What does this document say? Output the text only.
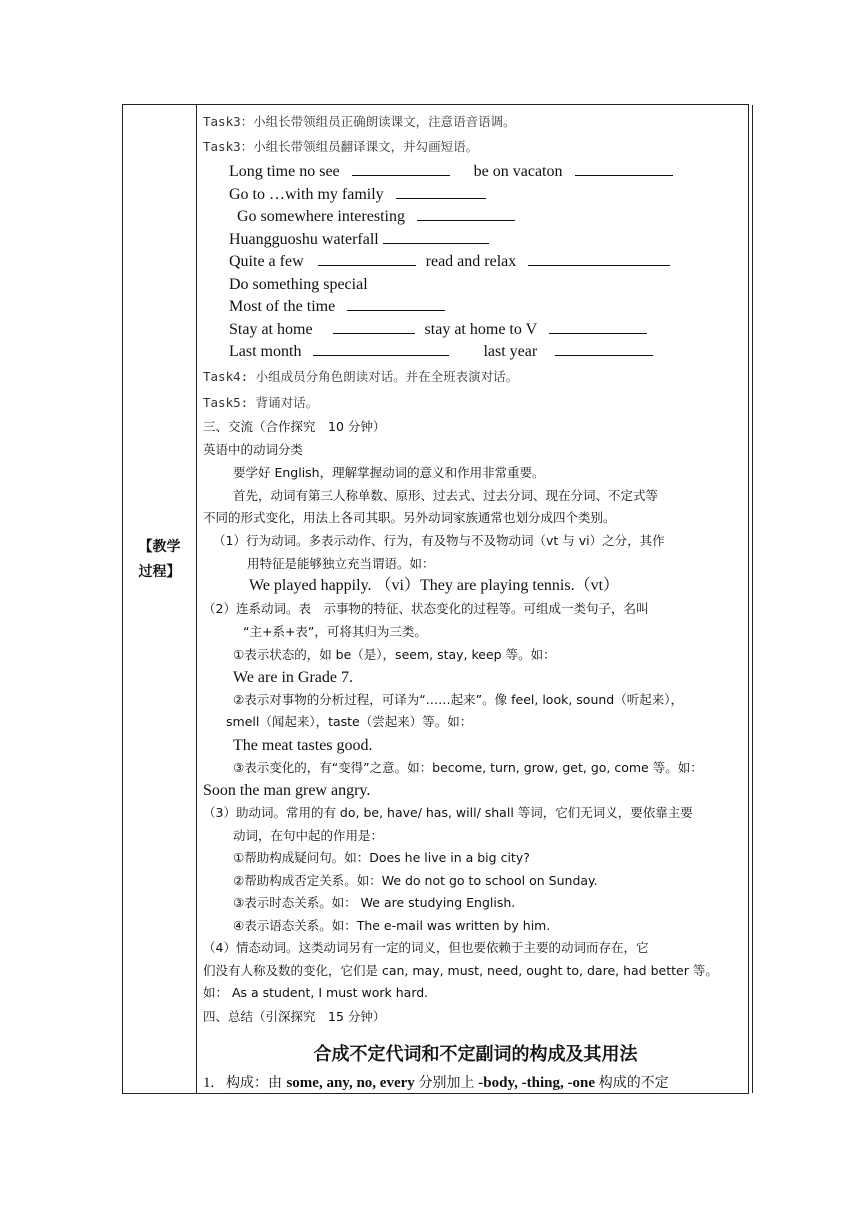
【教学
过程】
Task3：小组长带领组员正确朗读课文，注意语音语调。
Task3：小组长带领组员翻译课文，并勾画短语。
Long time no see	be on vacaton
Go to …with my family
Go somewhere interesting
Huangguoshu waterfall
Quite a few	read and relax
Do something special
Most of the time
Stay at home	stay at home to V
Last month	last year
Task4: 小组成员分角色朗读对话。并在全班表演对话。
Task5: 背诵对话。
三、交流（合作探究　10 分钟）
英语中的动词分类
要学好 English，理解掌握动词的意义和作用非常重要。
首先，动词有第三人称单数、原形、过去式、过去分词、现在分词、不定式等
不同的形式变化，用法上各司其职。另外动词家族通常也划分成四个类别。
（1）行为动词。多表示动作、行为，有及物与不及物动词（vt 与 vi）之分，其作
用特征是能够独立充当谓语。如：
We played happily. （vi）They are playing tennis.（vt）
（2）连系动词。表　示事物的特征、状态变化的过程等。可组成一类句子，名叫
“主+系+表”，可将其归为三类。
①表示状态的，如 be（是），seem, stay, keep 等。如：
We are in Grade 7.
②表示对事物的分析过程，可译为“……起来”。像 feel, look, sound（听起来），
smell（闻起来），taste（尝起来）等。如：
The meat tastes good.
③表示变化的，有“变得”之意。如：become, turn, grow, get, go, come 等。如：
Soon the man grew angry.
（3）助动词。常用的有 do, be, have/ has, will/ shall 等词，它们无词义，要依靠主要
动词，在句中起的作用是：
①帮助构成疑问句。如：Does he live in a big city?
②帮助构成否定关系。如：We do not go to school on Sunday.
③表示时态关系。如： We are studying English.
④表示语态关系。如：The e-mail was written by him.
（4）情态动词。这类动词另有一定的词义，但也要依赖于主要的动词而存在，它
们没有人称及数的变化，它们是 can, may, must, need, ought to, dare, had better 等。
如： As a student, I must work hard.
四、总结（引深探究　15 分钟）
合成不定代词和不定副词的构成及其用法
1. 构成：由 some, any, no, every 分别加上 -body, -thing, -one 构成的不定
